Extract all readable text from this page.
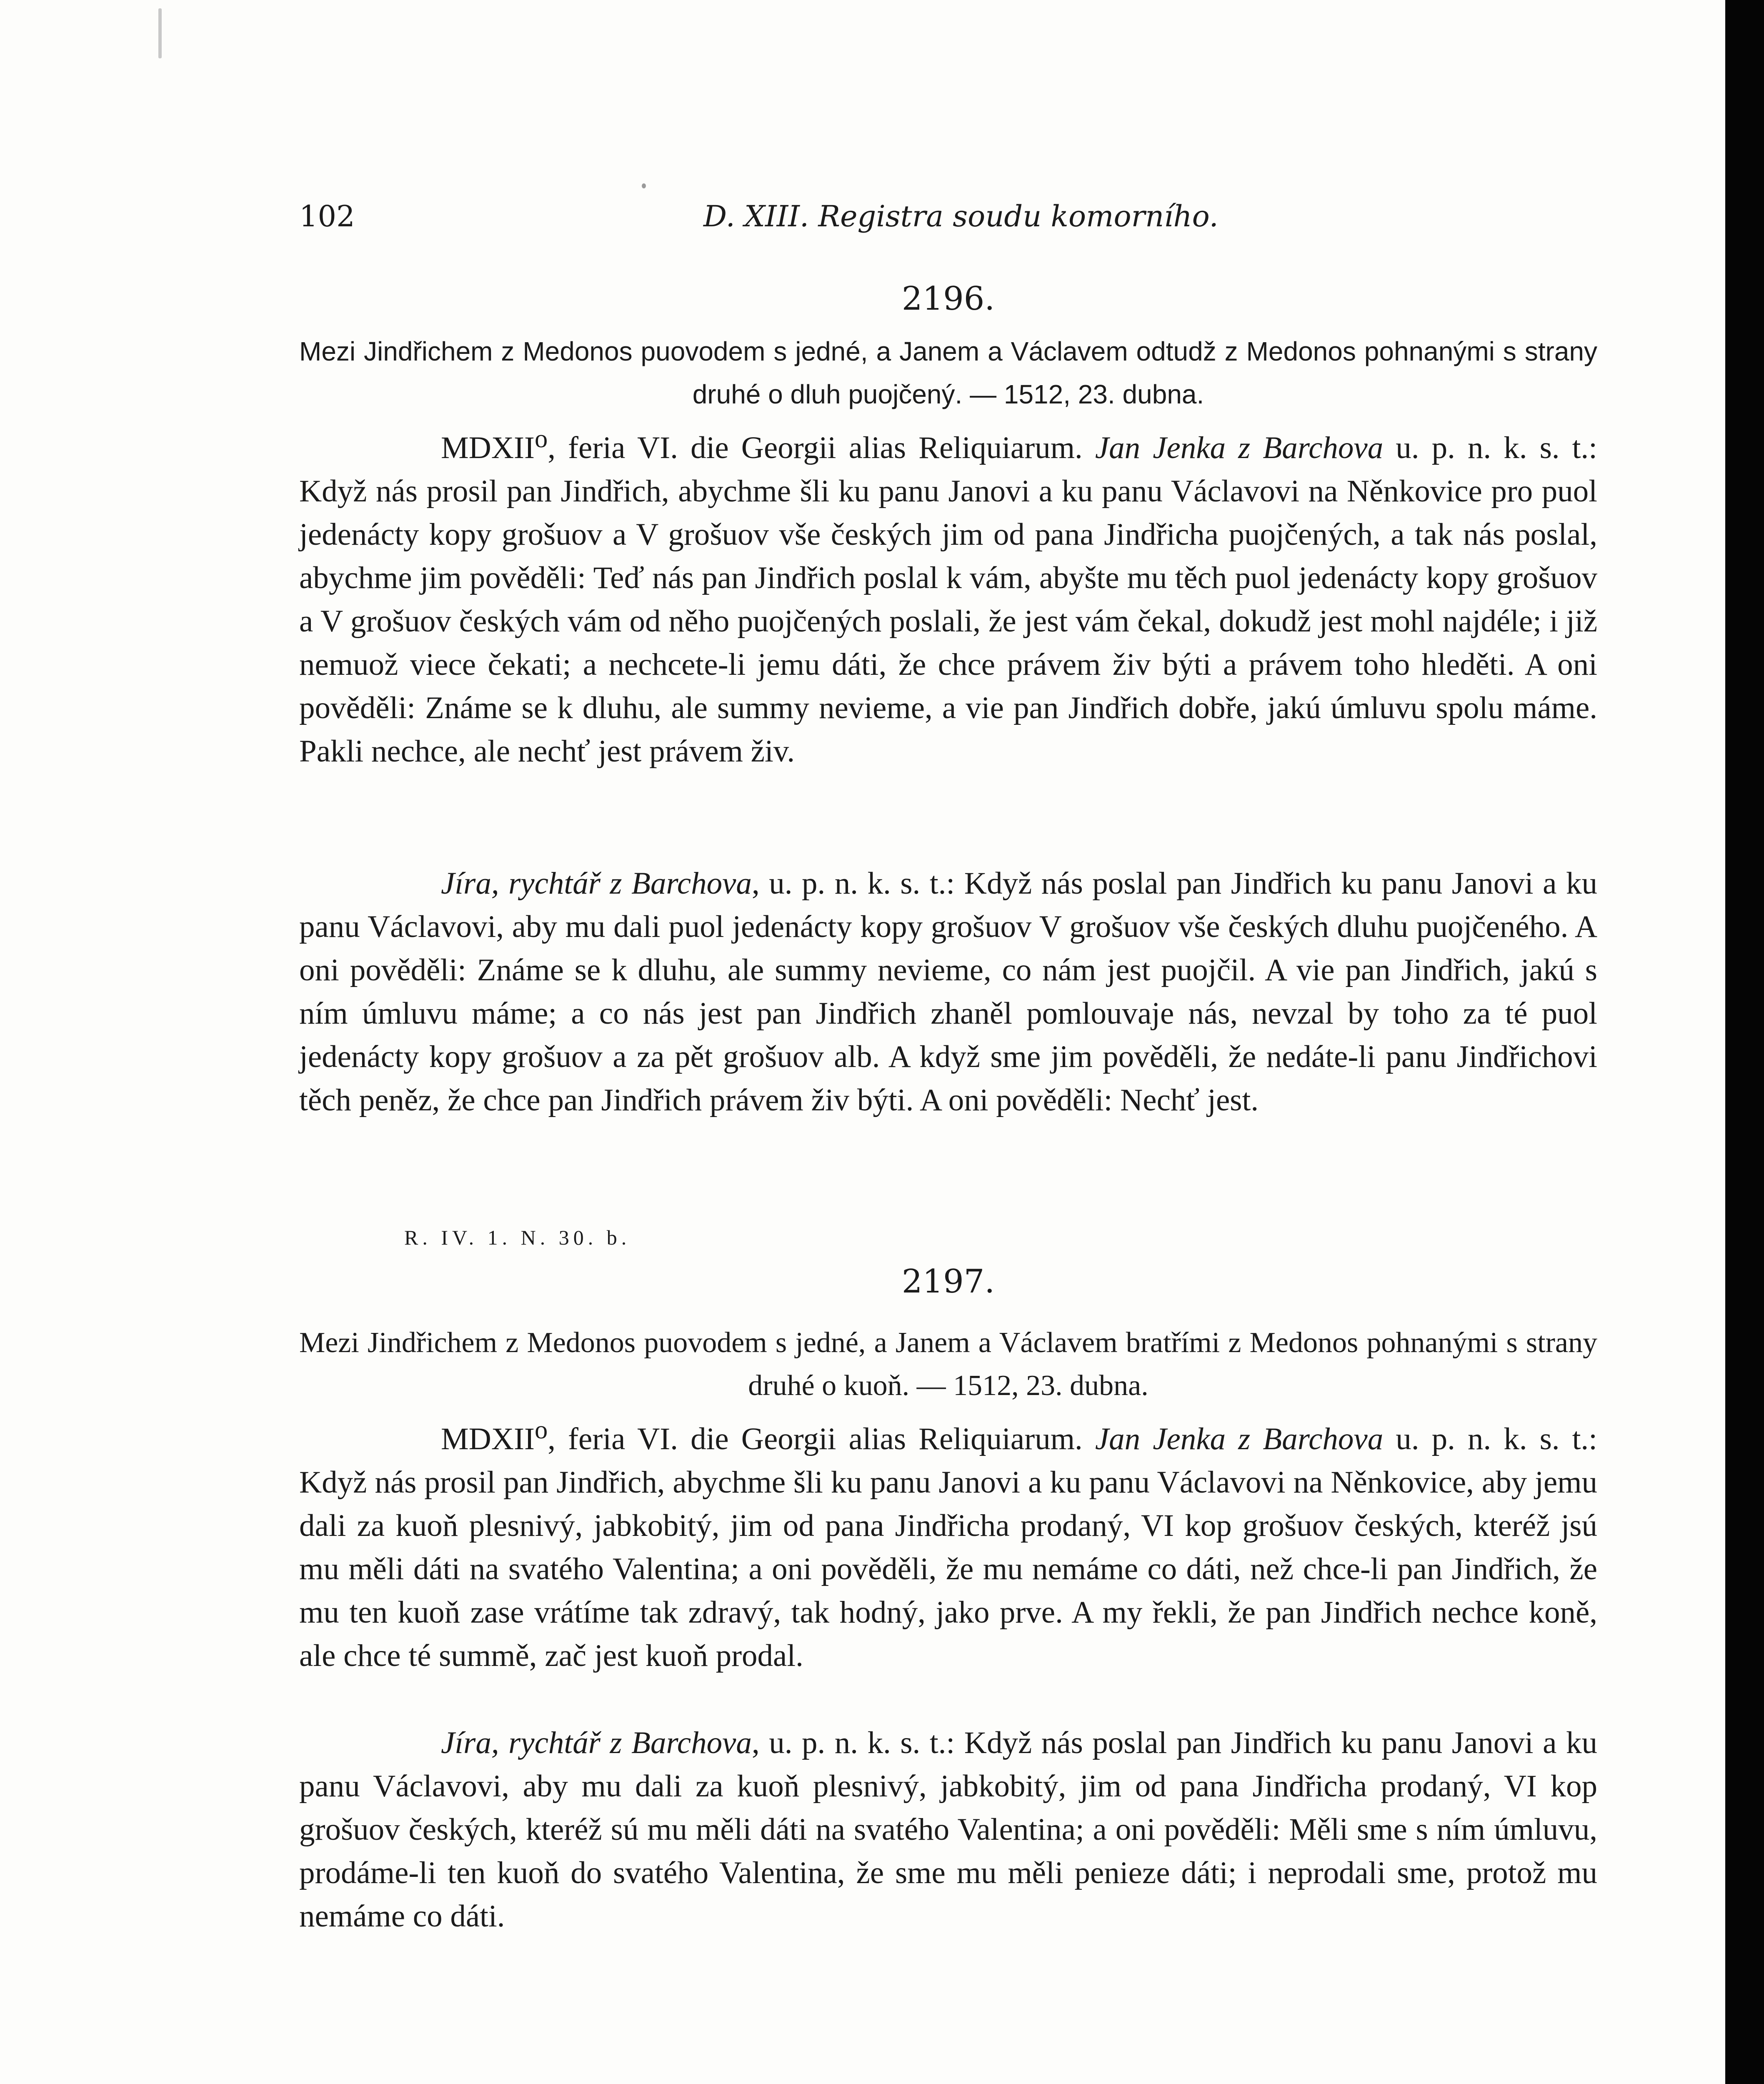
102	D. XIII. Registra soudu komorního.
2196.
Mezi Jindřichem z Medonos puovodem s jedné, a Janem a Václavem odtudž z Medonos pohnanými s strany druhé o dluh puojčený. — 1512, 23. dubna.
MDXII$^o$, feria VI. die Georgii alias Reliquiarum. Jan Jenka z Barchova u. p. n. k. s. t.: Když nás prosil pan Jindřich, abychme šli ku panu Janovi a ku panu Václavovi na Něnkovice pro puol jedenácty kopy grošuov a V grošuov vše českých jim od pana Jindřicha puojčených, a tak nás poslal, abychme jim pověděli: Teď nás pan Jindřich poslal k vám, abyšte mu těch puol jedenácty kopy grošuov a V grošuov českých vám od něho puojčených poslali, že jest vám čekal, dokudž jest mohl najdéle; i již nemuož viece čekati; a nechcete-li jemu dáti, že chce právem živ býti a právem toho hleděti. A oni pověděli: Známe se k dluhu, ale summy nevieme, a vie pan Jindřich dobře, jakú úmluvu spolu máme. Pakli nechce, ale nechť jest právem živ.
Jíra, rychtář z Barchova, u. p. n. k. s. t.: Když nás poslal pan Jindřich ku panu Janovi a ku panu Václavovi, aby mu dali puol jedenácty kopy grošuov V grošuov vše českých dluhu puojčeného. A oni pověděli: Známe se k dluhu, ale summy nevieme, co nám jest puojčil. A vie pan Jindřich, jakú s ním úmluvu máme; a co nás jest pan Jindřich zhaněl pomlouvaje nás, nevzal by toho za té puol jedenácty kopy grošuov a za pět grošuov alb. A když sme jim pověděli, že nedáte-li panu Jindřichovi těch peněz, že chce pan Jindřich právem živ býti. A oni pověděli: Nechť jest.
R. IV. 1. N. 30. b.
2197.
Mezi Jindřichem z Medonos puovodem s jedné, a Janem a Václavem bratřími z Medonos pohnanými s strany druhé o kuoň. — 1512, 23. dubna.
MDXII$^o$, feria VI. die Georgii alias Reliquiarum. Jan Jenka z Barchova u. p. n. k. s. t.: Když nás prosil pan Jindřich, abychme šli ku panu Janovi a ku panu Václavovi na Něnkovice, aby jemu dali za kuoň plesnivý, jabkobitý, jim od pana Jindřicha prodaný, VI kop grošuov českých, kteréž jsú mu měli dáti na svatého Valentina; a oni pověděli, že mu nemáme co dáti, než chce-li pan Jindřich, že mu ten kuoň zase vrátíme tak zdravý, tak hodný, jako prve. A my řekli, že pan Jindřich nechce koně, ale chce té summě, zač jest kuoň prodal.
Jíra, rychtář z Barchova, u. p. n. k. s. t.: Když nás poslal pan Jindřich ku panu Janovi a ku panu Václavovi, aby mu dali za kuoň plesnivý, jabkobitý, jim od pana Jindřicha prodaný, VI kop grošuov českých, kteréž sú mu měli dáti na svatého Valentina; a oni pověděli: Měli sme s ním úmluvu, prodáme-li ten kuoň do svatého Valentina, že sme mu měli penieze dáti; i neprodali sme, protož mu nemáme co dáti.
